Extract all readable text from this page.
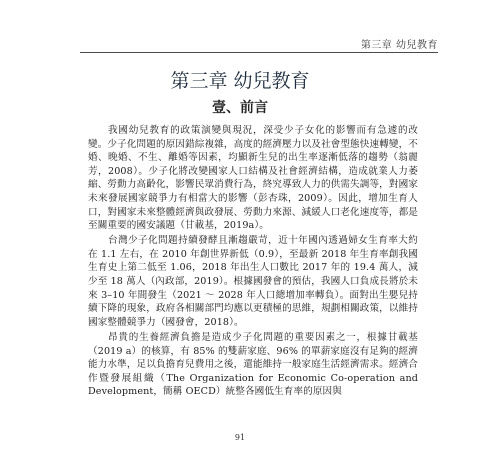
第三章 幼兒教育
第三章 幼兒教育
壹、前言

我國幼兒教育的政策演變與現況，深受少子女化的影響而有急遽的改變。少子化問題的原因錯綜複雜，高度的經濟壓力以及社會型態快速轉變，不婚、晚婚、不生、離婚等因素，均顯新生兒的出生率逐漸低落的趨勢（翁麗芳，2008）。少子化將改變國家人口結構及社會經濟結構，造成就業人力萎縮、勞動力高齡化，影響民眾消費行為，終究導致人力的供需失調等，對國家未來發展國家競爭力有相當大的影響（彭杏珠，2009）。因此，增加生育人口，對國家未來整體經濟與政發展、勞動力來源、減緩人口老化速度等，都是至關重要的國安議題（甘載基，2019a）。

台灣少子化問題持續發酵且漸趨嚴苛，近十年國內透過婦女生育率大約在 1.1 左右，在 2010 年創世界新低（0.9），至最新 2018 年生育率創我國生育史上第二低至 1.06，2018 年出生人口數比 2017 年的 19.4 萬人，減少至 18 萬人（內政部，2019）。根據國發會的預估，我國人口負成長將於未來 3–10 年間發生（2021 ～ 2028 年人口總增加率轉負）。面對出生嬰兒持續下降的現象，政府各相關部門均應以更積極的思維，規劃相關政策，以維持國家整體競爭力（國發會，2018）。

昂貴的生養經濟負擔是造成少子化問題的重要因素之一，根據甘載基（2019 a）的核算，有 85% 的雙薪家庭、96% 的單薪家庭沒有足夠的經濟能力水準，足以負擔育兒費用之後，還能維持一般家庭生活經濟需求。經濟合作暨發展組織（The Organization for Economic Co-operation and Development，簡稱 OECD）統整各國低生育率的原因與

91
